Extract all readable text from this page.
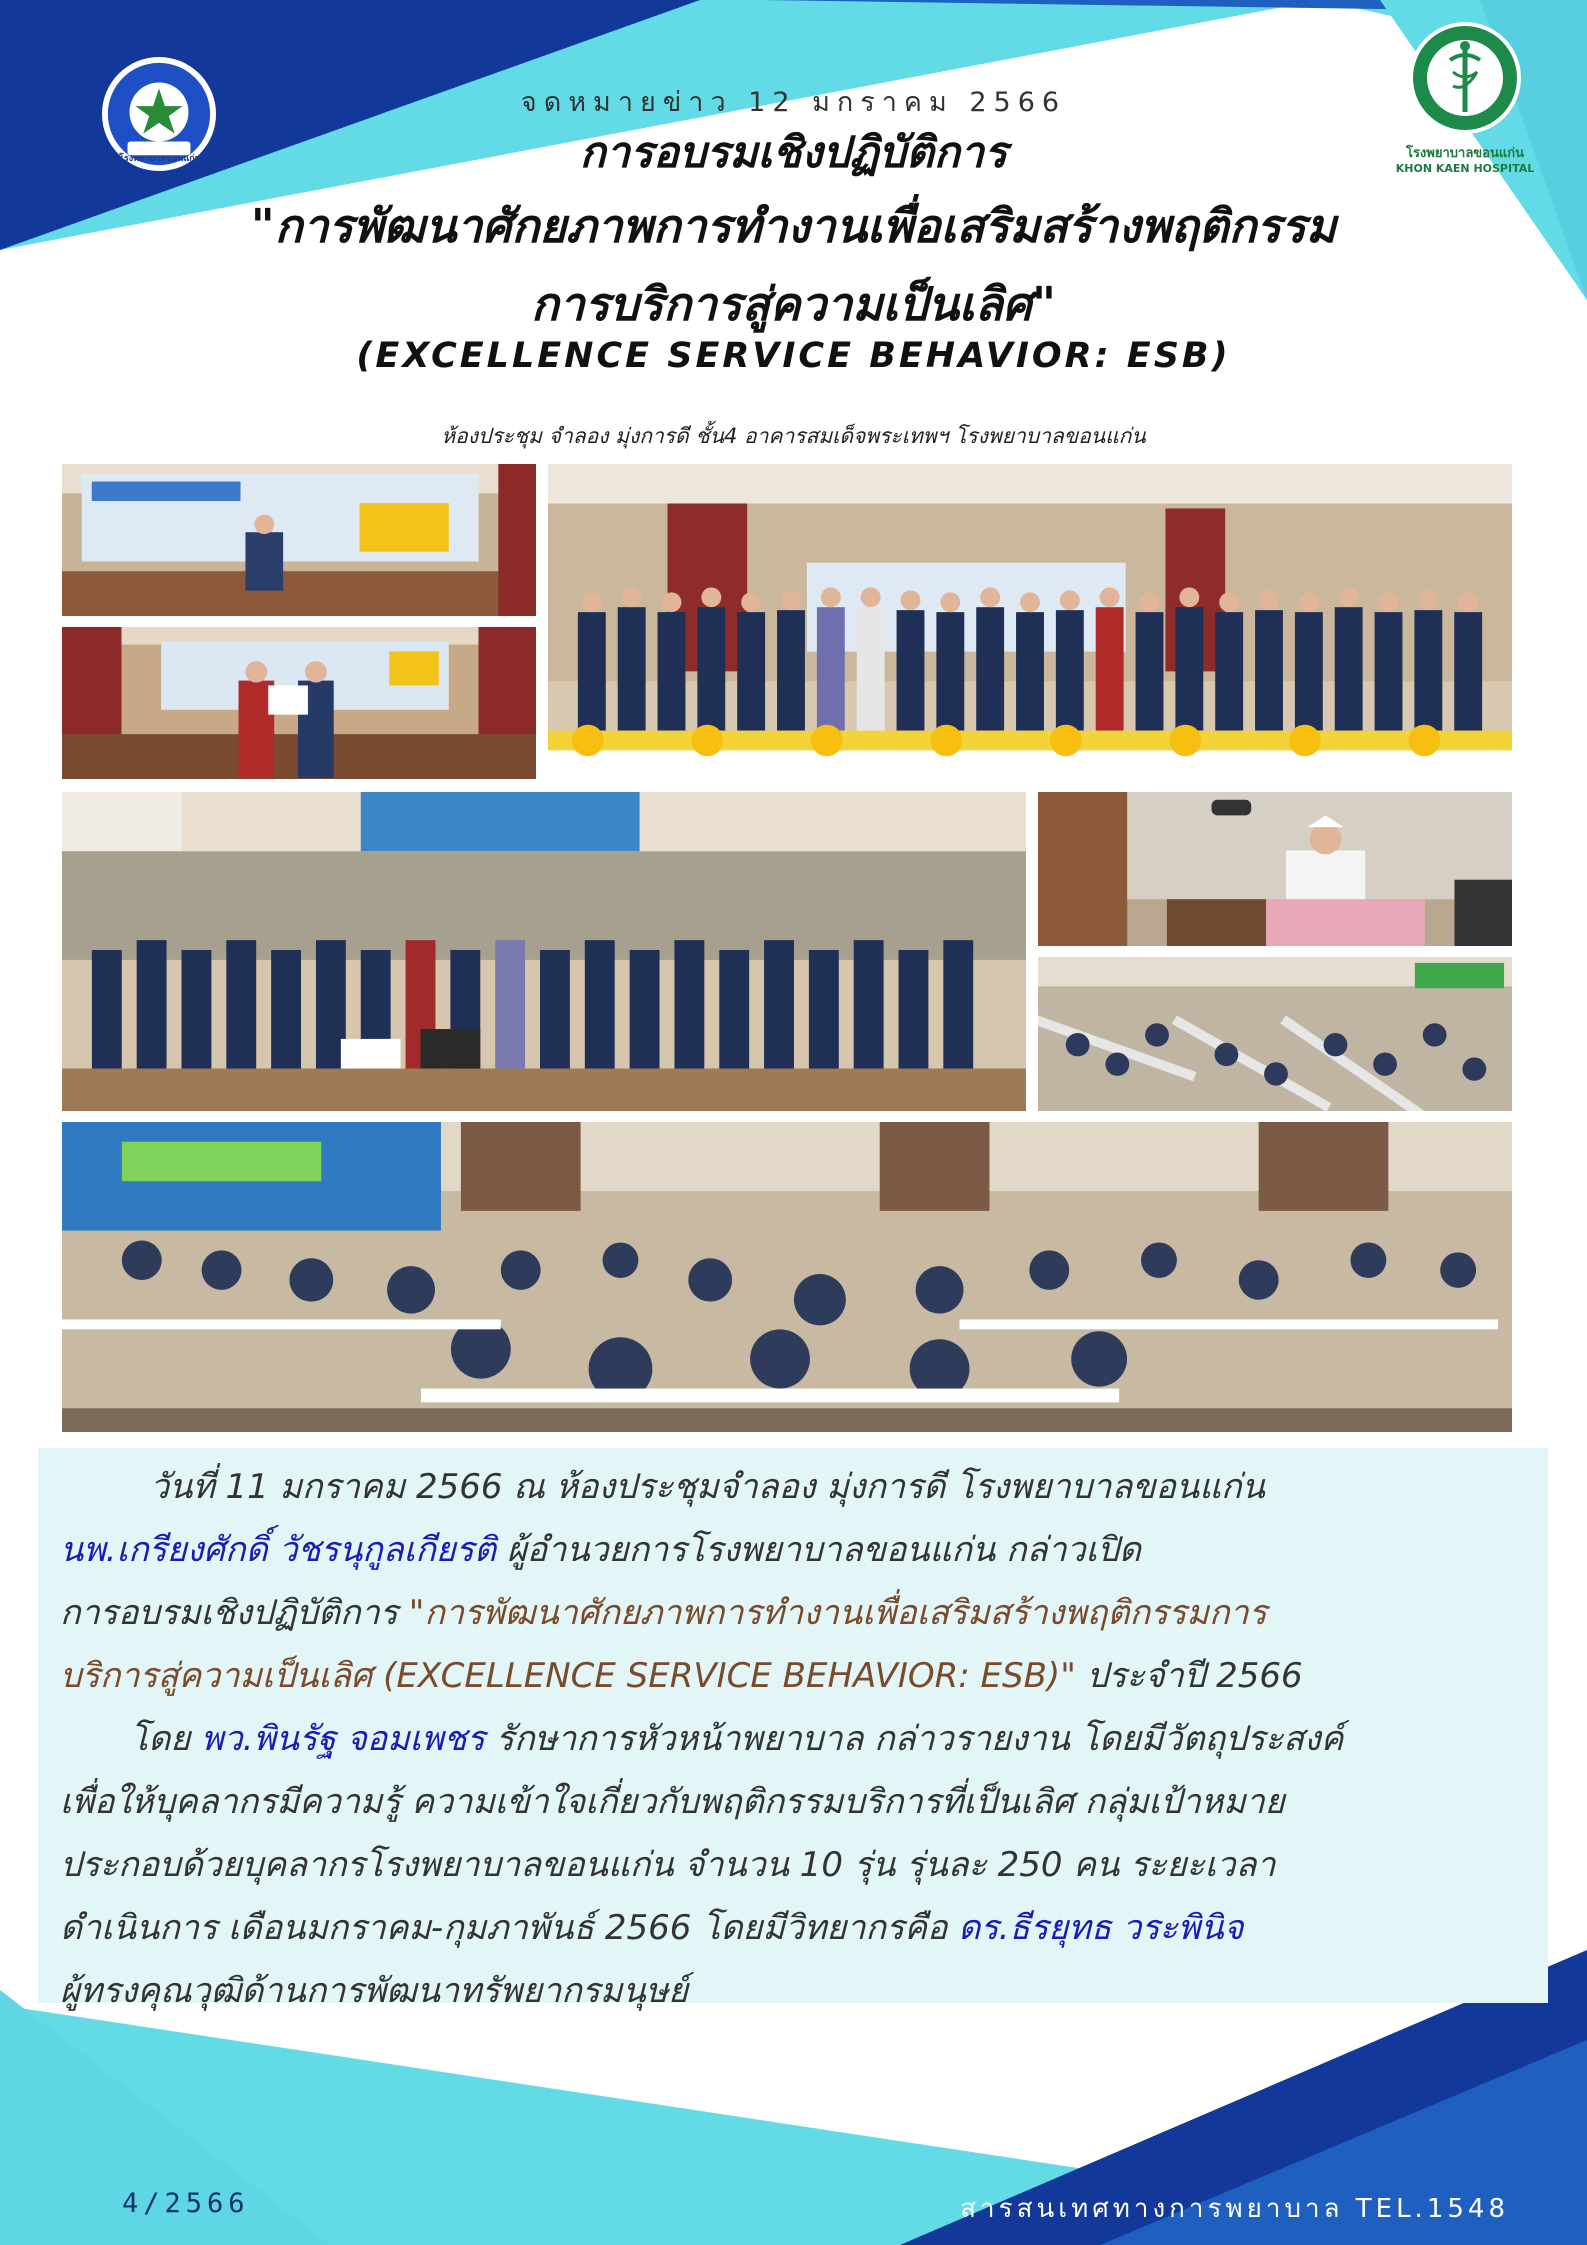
โรงพยาบาลขอนแก่น	โรงพยาบาลขอนแก่น
KHON KAEN HOSPITAL
จดหมายข่าว 12 มกราคม 2566
การอบรมเชิงปฏิบัติการ
"การพัฒนาศักยภาพการทำงานเพื่อเสริมสร้างพฤติกรรม
การบริการสู่ความเป็นเลิศ"
(EXCELLENCE SERVICE BEHAVIOR: ESB)
ห้องประชุม จำลอง มุ่งการดี ชั้น4 อาคารสมเด็จพระเทพฯ โรงพยาบาลขอนแก่น

วันที่ 11 มกราคม 2566 ณ ห้องประชุมจำลอง มุ่งการดี โรงพยาบาลขอนแก่น

นพ.เกรียงศักดิ์ วัชรนุกูลเกียรติ ผู้อำนวยการโรงพยาบาลขอนแก่น กล่าวเปิด

การอบรมเชิงปฏิบัติการ "การพัฒนาศักยภาพการทำงานเพื่อเสริมสร้างพฤติกรรมการ

บริการสู่ความเป็นเลิศ (EXCELLENCE SERVICE BEHAVIOR: ESB)" ประจำปี 2566

โดย พว.พินรัฐ จอมเพชร รักษาการหัวหน้าพยาบาล กล่าวรายงาน โดยมีวัตถุประสงค์

เพื่อให้บุคลากรมีความรู้ ความเข้าใจเกี่ยวกับพฤติกรรมบริการที่เป็นเลิศ กลุ่มเป้าหมาย

ประกอบด้วยบุคลากรโรงพยาบาลขอนแก่น จำนวน 10 รุ่น รุ่นละ 250 คน ระยะเวลา

ดำเนินการ เดือนมกราคม-กุมภาพันธ์ 2566 โดยมีวิทยากรคือ ดร.ธีรยุทธ วระพินิจ

ผู้ทรงคุณวุฒิด้านการพัฒนาทรัพยากรมนุษย์

4/2566	สารสนเทศทางการพยาบาล TEL.1548
